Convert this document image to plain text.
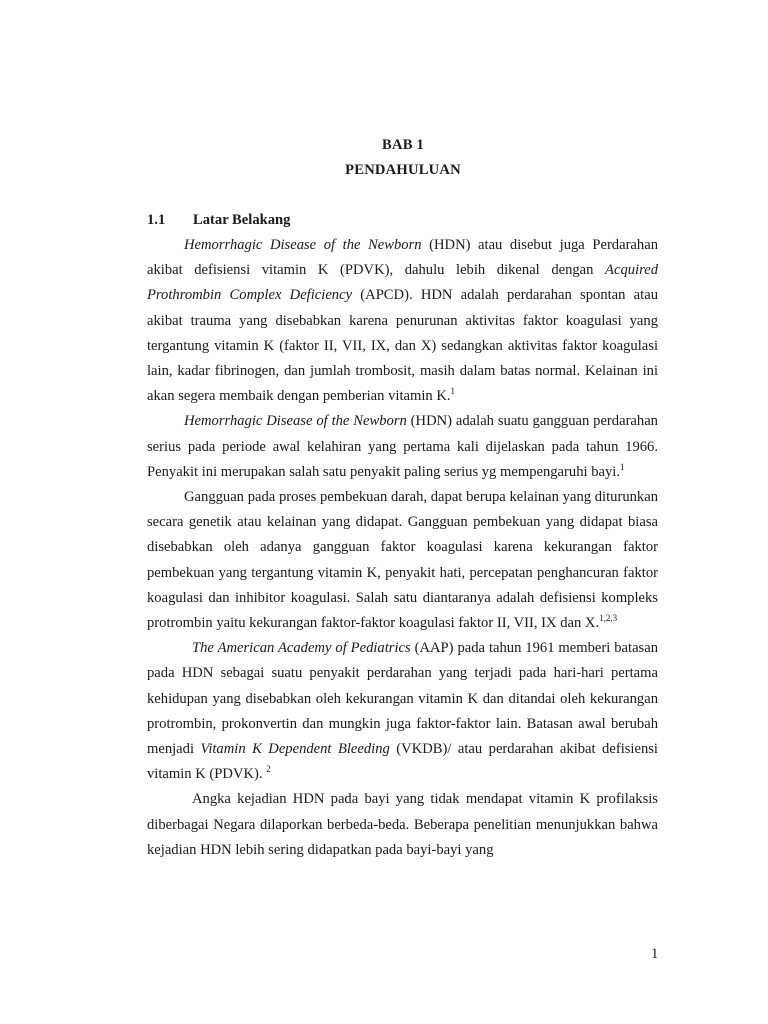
BAB 1
PENDAHULUAN
1.1 Latar Belakang

Hemorrhagic Disease of the Newborn (HDN) atau disebut juga Perdarahan akibat defisiensi vitamin K (PDVK), dahulu lebih dikenal dengan Acquired Prothrombin Complex Deficiency (APCD). HDN adalah perdarahan spontan atau akibat trauma yang disebabkan karena penurunan aktivitas faktor koagulasi yang tergantung vitamin K (faktor II, VII, IX, dan X) sedangkan aktivitas faktor koagulasi lain, kadar fibrinogen, dan jumlah trombosit, masih dalam batas normal. Kelainan ini akan segera membaik dengan pemberian vitamin K.$^1$

Hemorrhagic Disease of the Newborn (HDN) adalah suatu gangguan perdarahan serius pada periode awal kelahiran yang pertama kali dijelaskan pada tahun 1966. Penyakit ini merupakan salah satu penyakit paling serius yg mempengaruhi bayi.$^1$

Gangguan pada proses pembekuan darah, dapat berupa kelainan yang diturunkan secara genetik atau kelainan yang didapat. Gangguan pembekuan yang didapat biasa disebabkan oleh adanya gangguan faktor koagulasi karena kekurangan faktor pembekuan yang tergantung vitamin K, penyakit hati, percepatan penghancuran faktor koagulasi dan inhibitor koagulasi. Salah satu diantaranya adalah defisiensi kompleks protrombin yaitu kekurangan faktor-faktor koagulasi faktor II, VII, IX dan X.$^{1,2,3}$

The American Academy of Pediatrics (AAP) pada tahun 1961 memberi batasan pada HDN sebagai suatu penyakit perdarahan yang terjadi pada hari-hari pertama kehidupan yang disebabkan oleh kekurangan vitamin K dan ditandai oleh kekurangan protrombin, prokonvertin dan mungkin juga faktor-faktor lain. Batasan awal berubah menjadi Vitamin K Dependent Bleeding (VKDB)/ atau perdarahan akibat defisiensi vitamin K (PDVK). $^2$

Angka kejadian HDN pada bayi yang tidak mendapat vitamin K profilaksis diberbagai Negara dilaporkan berbeda-beda. Beberapa penelitian menunjukkan bahwa kejadian HDN lebih sering didapatkan pada bayi-bayi yang

1
